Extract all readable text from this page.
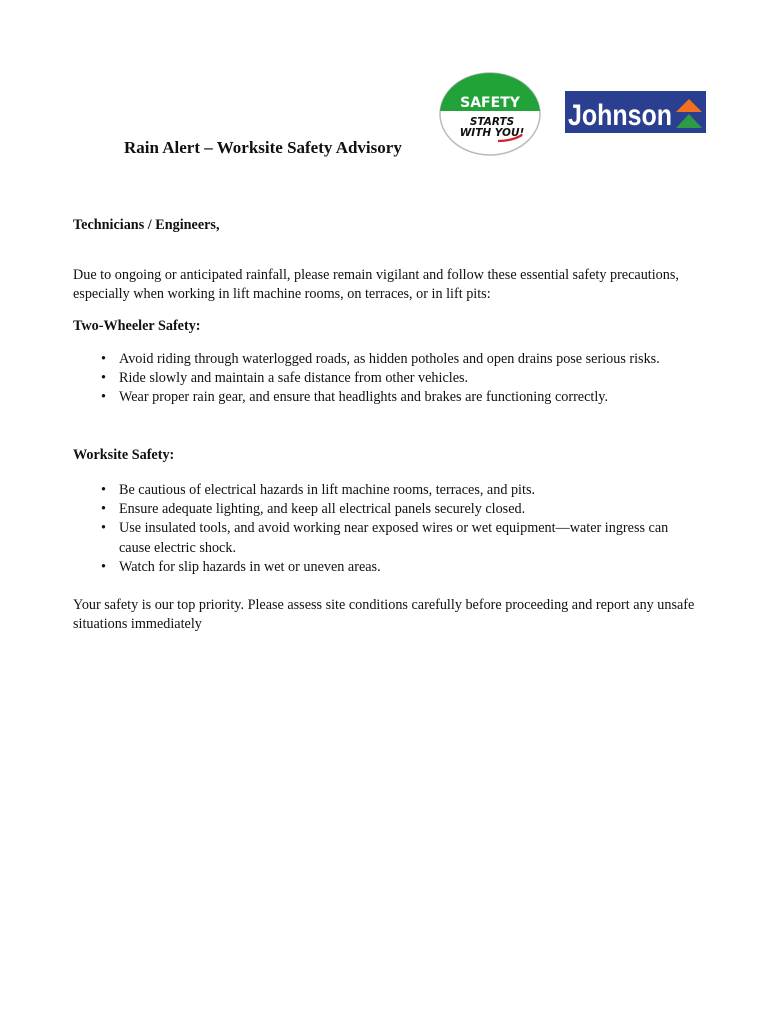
SAFETY
STARTS
WITH YOU!
Johnson
Rain Alert – Worksite Safety Advisory
Technicians / Engineers,
Due to ongoing or anticipated rainfall, please remain vigilant and follow these essential safety precautions, especially when working in lift machine rooms, on terraces, or in lift pits:
Two-Wheeler Safety:
• Avoid riding through waterlogged roads, as hidden potholes and open drains pose serious risks.
• Ride slowly and maintain a safe distance from other vehicles.
• Wear proper rain gear, and ensure that headlights and brakes are functioning correctly.
Worksite Safety:
• Be cautious of electrical hazards in lift machine rooms, terraces, and pits.
• Ensure adequate lighting, and keep all electrical panels securely closed.
• Use insulated tools, and avoid working near exposed wires or wet equipment—water ingress can cause electric shock.
• Watch for slip hazards in wet or uneven areas.
Your safety is our top priority. Please assess site conditions carefully before proceeding and report any unsafe situations immediately
